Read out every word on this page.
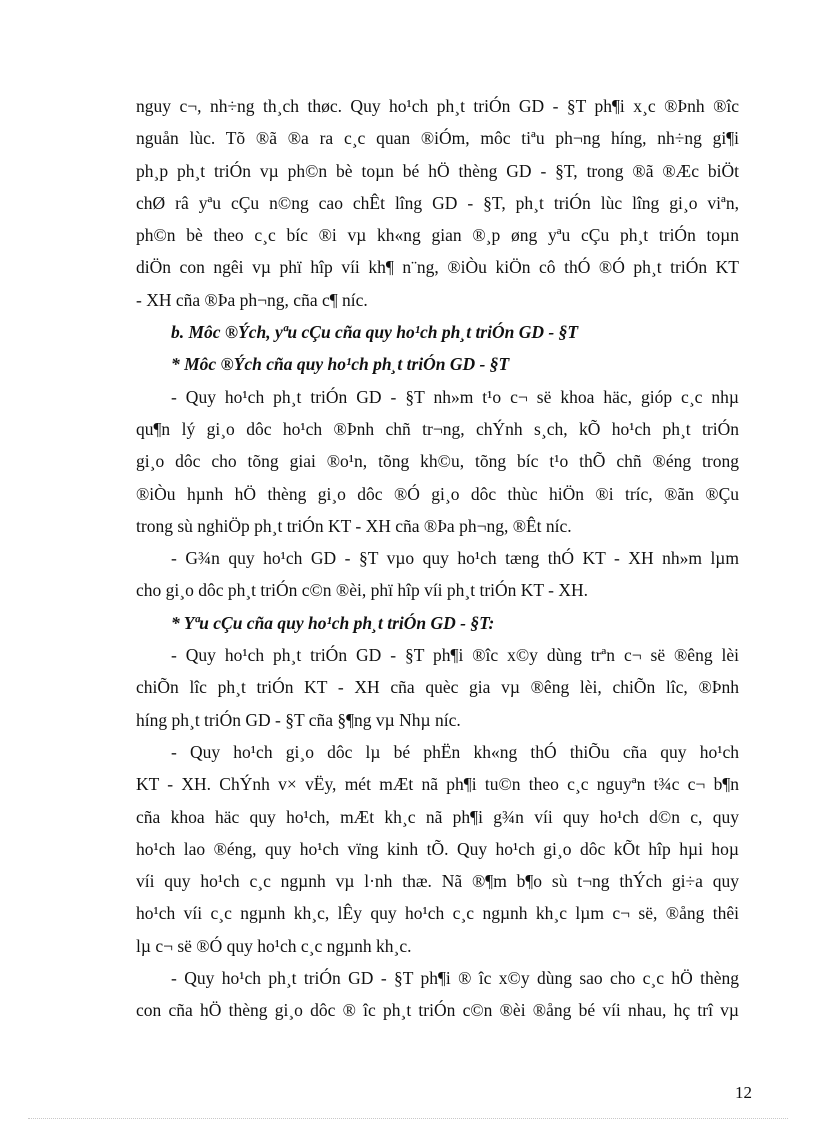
nguy c¬, nh÷ng th¸ch thøc. Quy ho¹ch ph¸t triÓn GD - §T ph¶i x¸c ®Þnh ®îc
nguån lùc. Tõ ®ã ®a ra c¸c quan ®iÓm, môc tiªu ph¬ng híng, nh÷ng gi¶i
ph¸p ph¸t triÓn vµ ph©n bè toµn bé hÖ thèng GD - §T, trong ®ã ®Æc biÖt
chØ râ yªu cÇu n©ng cao chÊt lîng GD - §T, ph¸t triÓn lùc lîng gi¸o viªn,
ph©n bè theo c¸c bíc ®i vµ kh«ng gian ®¸p øng yªu cÇu ph¸t triÓn toµn
diÖn con ngêi vµ phï hîp víi kh¶ n¨ng, ®iÒu kiÖn cô thÓ ®Ó ph¸t triÓn KT
- XH cña ®Þa ph¬ng, cña c¶ níc.
b. Môc ®Ých, yªu cÇu cña quy ho¹ch ph¸t triÓn GD - §T
* Môc ®Ých cña quy ho¹ch ph¸t triÓn GD - §T
- Quy ho¹ch ph¸t triÓn GD - §T nh»m t¹o c¬ së khoa häc, gióp c¸c nhµ
qu¶n lý gi¸o dôc ho¹ch ®Þnh chñ tr¬ng, chÝnh s¸ch, kÕ ho¹ch ph¸t triÓn
gi¸o dôc cho tõng giai ®o¹n, tõng kh©u, tõng bíc t¹o thÕ chñ ®éng trong
®iÒu hµnh hÖ thèng gi¸o dôc ®Ó gi¸o dôc thùc hiÖn ®i tríc, ®ãn ®Çu
trong sù nghiÖp ph¸t triÓn KT - XH cña ®Þa ph¬ng, ®Êt níc.
- G¾n quy ho¹ch GD - §T vµo quy ho¹ch tæng thÓ KT - XH nh»m lµm
cho gi¸o dôc ph¸t triÓn c©n ®èi, phï hîp víi ph¸t triÓn KT - XH.
* Yªu cÇu cña quy ho¹ch ph¸t triÓn GD - §T:
- Quy ho¹ch ph¸t triÓn GD - §T ph¶i ®îc x©y dùng trªn c¬ së ®êng lèi
chiÕn lîc ph¸t triÓn KT - XH cña quèc gia vµ ®êng lèi, chiÕn lîc, ®Þnh
híng ph¸t triÓn GD - §T cña §¶ng vµ Nhµ níc.
- Quy ho¹ch gi¸o dôc lµ bé phËn kh«ng thÓ thiÕu cña quy ho¹ch
KT - XH. ChÝnh v× vËy, mét mÆt nã ph¶i tu©n theo c¸c nguyªn t¾c c¬ b¶n
cña khoa häc quy ho¹ch, mÆt kh¸c nã ph¶i g¾n víi quy ho¹ch d©n c, quy
ho¹ch lao ®éng, quy ho¹ch vïng kinh tÕ. Quy ho¹ch gi¸o dôc kÕt hîp hµi hoµ
víi quy ho¹ch c¸c ngµnh vµ l·nh thæ. Nã ®¶m b¶o sù t¬ng thÝch gi÷a quy
ho¹ch víi c¸c ngµnh kh¸c, lÊy quy ho¹ch c¸c ngµnh kh¸c lµm c¬ së, ®ång thêi
lµ c¬ së ®Ó quy ho¹ch c¸c ngµnh kh¸c.
- Quy ho¹ch ph¸t triÓn GD - §T ph¶i ® îc x©y dùng sao cho c¸c hÖ thèng
con cña hÖ thèng gi¸o dôc ® îc ph¸t triÓn c©n ®èi ®ång bé víi nhau, hç trî vµ
12
